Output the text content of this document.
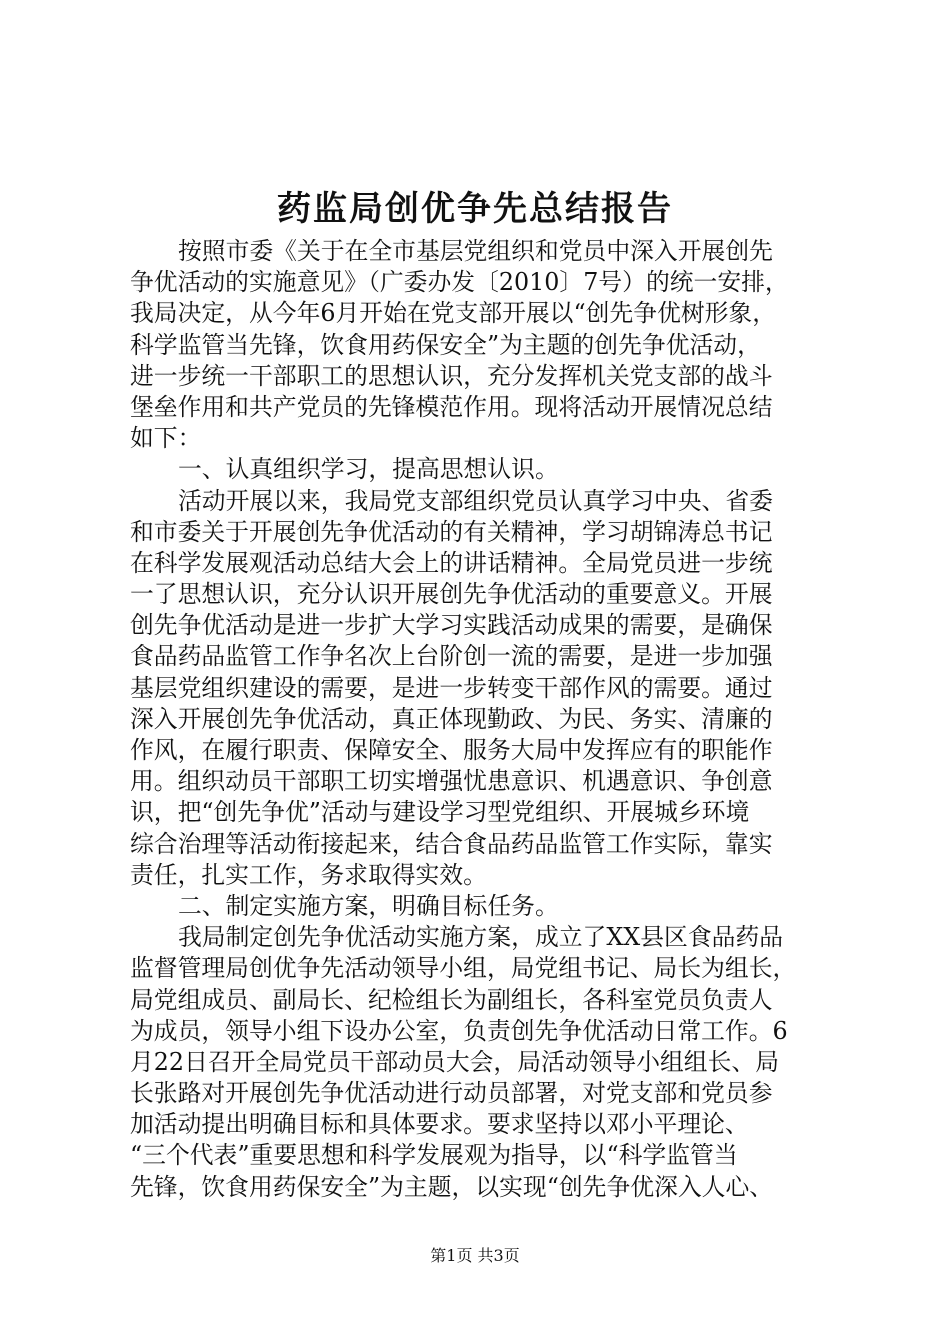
药监局创优争先总结报告
按照市委《关于在全市基层党组织和党员中深入开展创先
争优活动的实施意见》（广委办发〔2010〕7号）的统一安排，
我局决定，从今年6月开始在党支部开展以“创先争优树形象，
科学监管当先锋，饮食用药保安全”为主题的创先争优活动，
进一步统一干部职工的思想认识，充分发挥机关党支部的战斗
堡垒作用和共产党员的先锋模范作用。现将活动开展情况总结
如下：
一、认真组织学习，提高思想认识。
活动开展以来，我局党支部组织党员认真学习中央、省委
和市委关于开展创先争优活动的有关精神，学习胡锦涛总书记
在科学发展观活动总结大会上的讲话精神。全局党员进一步统
一了思想认识，充分认识开展创先争优活动的重要意义。开展
创先争优活动是进一步扩大学习实践活动成果的需要，是确保
食品药品监管工作争名次上台阶创一流的需要，是进一步加强
基层党组织建设的需要，是进一步转变干部作风的需要。通过
深入开展创先争优活动，真正体现勤政、为民、务实、清廉的
作风，在履行职责、保障安全、服务大局中发挥应有的职能作
用。组织动员干部职工切实增强忧患意识、机遇意识、争创意
识，把“创先争优”活动与建设学习型党组织、开展城乡环境
综合治理等活动衔接起来，结合食品药品监管工作实际，靠实
责任，扎实工作，务求取得实效。
二、制定实施方案，明确目标任务。
我局制定创先争优活动实施方案，成立了XX县区食品药品
监督管理局创优争先活动领导小组，局党组书记、局长为组长，
局党组成员、副局长、纪检组长为副组长，各科室党员负责人
为成员，领导小组下设办公室，负责创先争优活动日常工作。6
月22日召开全局党员干部动员大会，局活动领导小组组长、局
长张路对开展创先争优活动进行动员部署，对党支部和党员参
加活动提出明确目标和具体要求。要求坚持以邓小平理论、
“三个代表”重要思想和科学发展观为指导，以“科学监管当
先锋，饮食用药保安全”为主题，以实现“创先争优深入人心、
第1页 共3页
